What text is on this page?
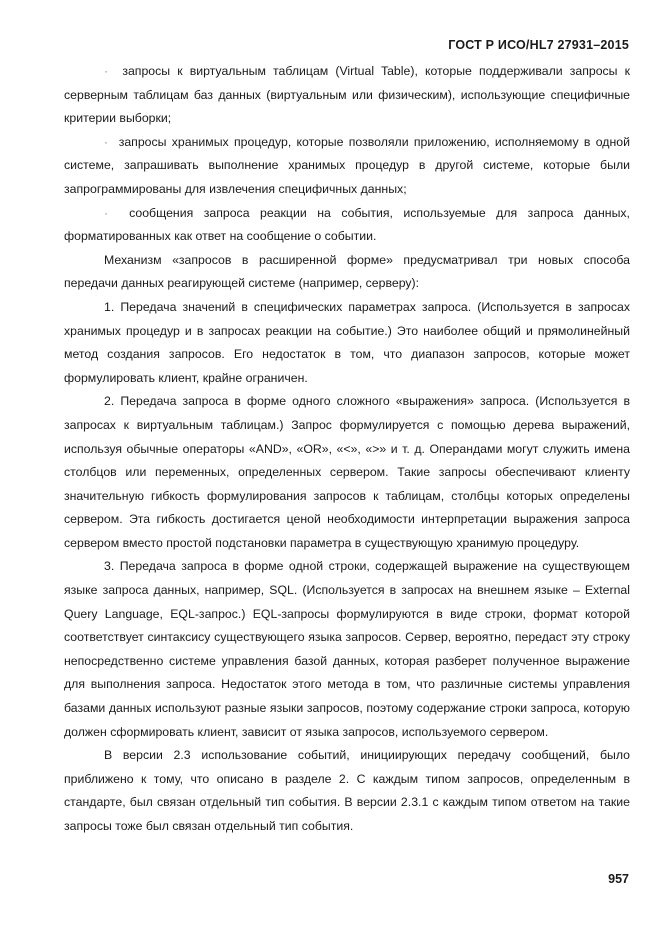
ГОСТ Р ИСО/HL7 27931–2015

· запросы к виртуальным таблицам (Virtual Table), которые поддерживали запросы к серверным таблицам баз данных (виртуальным или физическим), использующие специфичные критерии выборки;

· запросы хранимых процедур, которые позволяли приложению, исполняемому в одной системе, запрашивать выполнение хранимых процедур в другой системе, которые были запрограммированы для извлечения специфичных данных;

· сообщения запроса реакции на события, используемые для запроса данных, форматированных как ответ на сообщение о событии.

Механизм «запросов в расширенной форме» предусматривал три новых способа передачи данных реагирующей системе (например, серверу):

1. Передача значений в специфических параметрах запроса. (Используется в запросах хранимых процедур и в запросах реакции на событие.) Это наиболее общий и прямолинейный метод создания запросов. Его недостаток в том, что диапазон запросов, которые может формулировать клиент, крайне ограничен.

2. Передача запроса в форме одного сложного «выражения» запроса. (Используется в запросах к виртуальным таблицам.) Запрос формулируется с помощью дерева выражений, используя обычные операторы «AND», «OR», «<», «>» и т. д. Операндами могут служить имена столбцов или переменных, определенных сервером. Такие запросы обеспечивают клиенту значительную гибкость формулирования запросов к таблицам, столбцы которых определены сервером. Эта гибкость достигается ценой необходимости интерпретации выражения запроса сервером вместо простой подстановки параметра в существующую хранимую процедуру.

3. Передача запроса в форме одной строки, содержащей выражение на существующем языке запроса данных, например, SQL. (Используется в запросах на внешнем языке – External Query Language, EQL-запрос.) EQL-запросы формулируются в виде строки, формат которой соответствует синтаксису существующего языка запросов. Сервер, вероятно, передаст эту строку непосредственно системе управления базой данных, которая разберет полученное выражение для выполнения запроса. Недостаток этого метода в том, что различные системы управления базами данных используют разные языки запросов, поэтому содержание строки запроса, которую должен сформировать клиент, зависит от языка запросов, используемого сервером.

В версии 2.3 использование событий, инициирующих передачу сообщений, было приближено к тому, что описано в разделе 2. С каждым типом запросов, определенным в стандарте, был связан отдельный тип события. В версии 2.3.1 с каждым типом ответом на такие запросы тоже был связан отдельный тип события.

957
